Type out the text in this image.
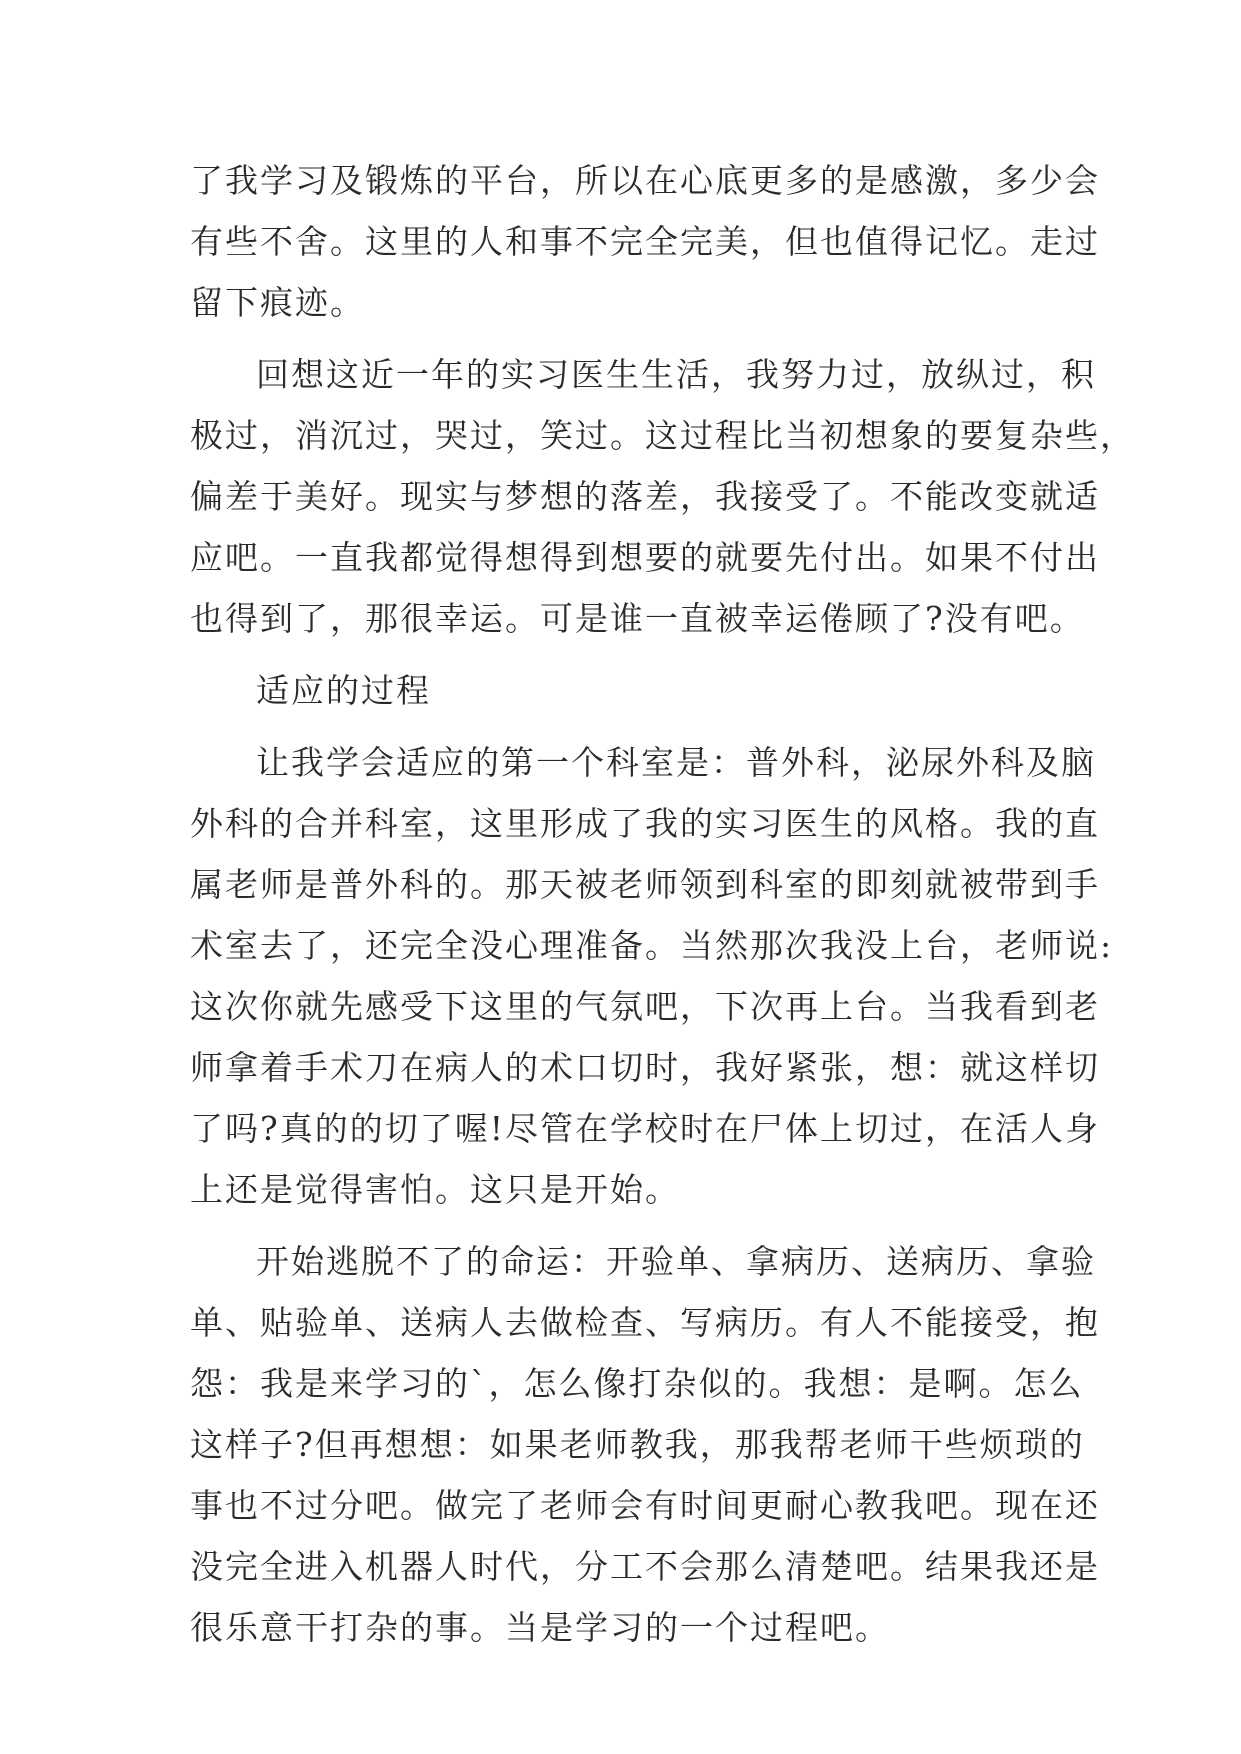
了我学习及锻炼的平台，所以在心底更多的是感激，多少会
有些不舍。这里的人和事不完全完美，但也值得记忆。走过
留下痕迹。
回想这近一年的实习医生生活，我努力过，放纵过，积
极过，消沉过，哭过，笑过。这过程比当初想象的要复杂些，
偏差于美好。现实与梦想的落差，我接受了。不能改变就适
应吧。一直我都觉得想得到想要的就要先付出。如果不付出
也得到了，那很幸运。可是谁一直被幸运倦顾了?没有吧。
适应的过程
让我学会适应的第一个科室是：普外科，泌尿外科及脑
外科的合并科室，这里形成了我的实习医生的风格。我的直
属老师是普外科的。那天被老师领到科室的即刻就被带到手
术室去了，还完全没心理准备。当然那次我没上台，老师说:
这次你就先感受下这里的气氛吧，下次再上台。当我看到老
师拿着手术刀在病人的术口切时，我好紧张，想：就这样切
了吗?真的的切了喔!尽管在学校时在尸体上切过，在活人身
上还是觉得害怕。这只是开始。
开始逃脱不了的命运：开验单、拿病历、送病历、拿验
单、贴验单、送病人去做检查、写病历。有人不能接受，抱
怨：我是来学习的`，怎么像打杂似的。我想：是啊。怎么
这样子?但再想想：如果老师教我，那我帮老师干些烦琐的
事也不过分吧。做完了老师会有时间更耐心教我吧。现在还
没完全进入机器人时代，分工不会那么清楚吧。结果我还是
很乐意干打杂的事。当是学习的一个过程吧。
